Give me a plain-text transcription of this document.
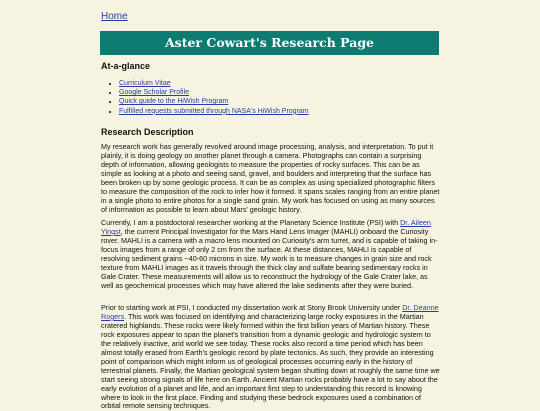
Home
Aster Cowart's Research Page
At-a-glance
• Curriculum Vitae
• Google Scholar Profile
• Quick guide to the HiWish Program
• Fulfilled requests submitted through NASA's HiWish Program
Research Description

My research work has generally revolved around image processing, analysis, and interpretation. To put it plainly, it is doing geology on another planet through a camera. Photographs can contain a surprising depth of information, allowing geologists to measure the properties of rocky surfaces. This can be as simple as looking at a photo and seeing sand, gravel, and boulders and interpreting that the surface has been broken up by some geologic process. It can be as complex as using specialized photographic filters to measure the composition of the rock to infer how it formed. It spans scales ranging from an entire planet in a single photo to entire photos for a single sand grain. My work has focused on using as many sources of information as possible to learn about Mars' geologic history.

Currently, I am a postdoctoral researcher working at the Planetary Science Institute (PSI) with Dr. Aileen Yingst, the current Principal Investigator for the Mars Hand Lens Imager (MAHLI) onboard the Curiosity rover. MAHLI is a camera with a macro lens mounted on Curiosity's arm turret, and is capable of taking in-focus images from a range of only 2 cm from the surface. At these distances, MAHLI is capable of resolving sediment grains ~40-60 microns in size. My work is to measure changes in grain size and rock texture from MAHLI images as it travels through the thick clay and sulfate bearing sedimentary rocks in Gale Crater. These measurements will allow us to reconstruct the hydrology of the Gale Crater lake, as well as geochemical processes which may have altered the lake sediments after they were buried.

Prior to starting work at PSI, I conducted my dissertation work at Stony Brook University under Dr. Deanne Rogers. This work was focused on identifying and characterizing large rocky exposures in the Martian cratered highlands. These rocks were likely formed within the first billion years of Martian history. These rock exposures appear to span the planet's transition from a dynamic geologic and hydrologic system to the relatively inactive, arid world we see today. These rocks also record a time period which has been almost totally erased from Earth's geologic record by plate tectonics. As such, they provide an interesting point of comparison which might inform us of geological processes occurring early in the history of terrestrial planets. Finally, the Martian geological system began shutting down at roughly the same time we start seeing strong signals of life here on Earth. Ancient Martian rocks probably have a lot to say about the early evolution of a planet and life, and an important first step to understanding this record is knowing where to look in the first place. Finding and studying these bedrock exposures used a combination of orbital remote sensing techniques.
